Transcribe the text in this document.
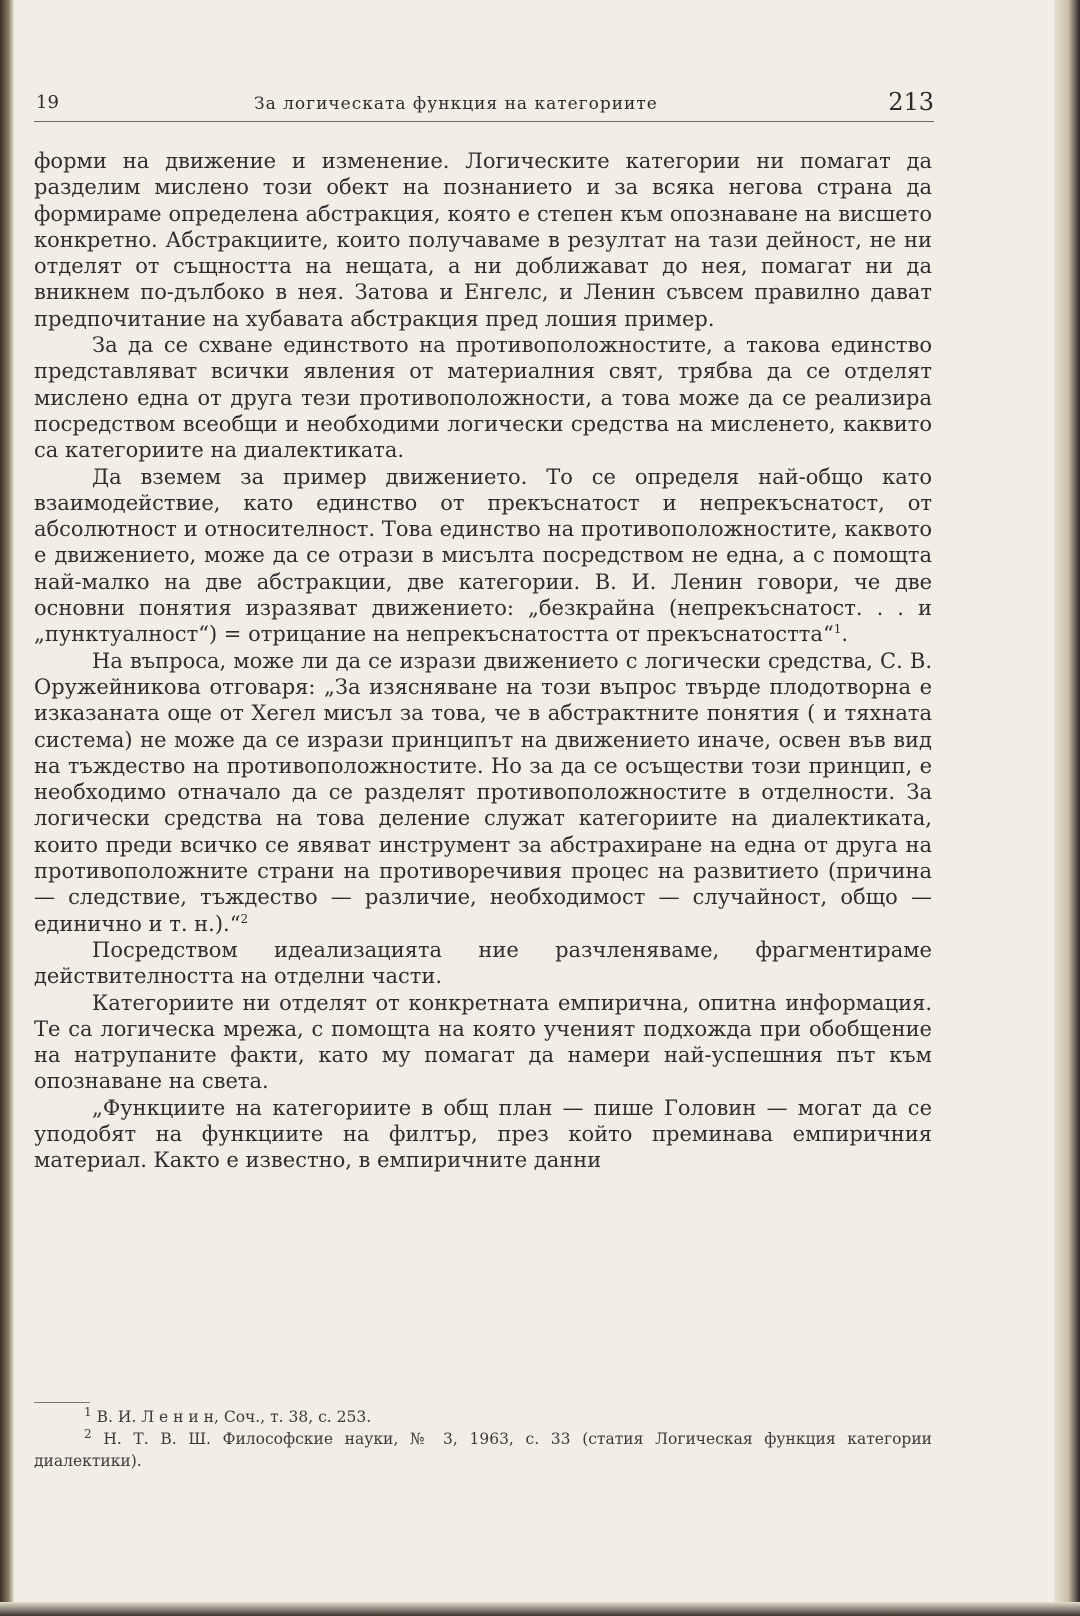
19	За логическата функция на категориите	213

форми на движение и изменение. Логическите категории ни помагат да разделим мислено този обект на познанието и за всяка негова страна да формираме определена абстракция, която е степен към опознаване на висшето конкретно. Абстракциите, които получаваме в резултат на тази дейност, не ни отделят от същността на нещата, а ни доближават до нея, помагат ни да вникнем по-дълбоко в нея. Затова и Енгелс, и Ленин съвсем правилно дават предпочитание на хубавата абстракция пред лошия пример.

За да се схване единството на противоположностите, а такова единство представляват всички явления от материалния свят, трябва да се отделят мислено една от друга тези противоположности, а това може да се реализира посредством всеобщи и необходими логически средства на мисленето, каквито са категориите на диалектиката.

Да вземем за пример движението. То се определя най-общо като взаимодействие, като единство от прекъснатост и непрекъснатост, от абсолютност и относителност. Това единство на противоположностите, каквото е движението, може да се отрази в мисълта посредством не една, а с помощта най-малко на две абстракции, две категории. В. И. Ленин говори, че две основни понятия изразяват движението: „безкрайна (непрекъснатост. . . и „пунктуалност“) = отрицание на непрекъснатостта от прекъснатостта“$^1$.

На въпроса, може ли да се изрази движението с логически средства, С. В. Оружейникова отговаря: „За изясняване на този въпрос твърде плодотворна е изказаната още от Хегел мисъл за това, че в абстрактните понятия ( и тяхната система) не може да се изрази принципът на движението иначе, освен във вид на тъждество на противоположностите. Но за да се осъществи този принцип, е необходимо отначало да се разделят противоположностите в отделности. За логически средства на това деление служат категориите на диалектиката, които преди всичко се явяват инструмент за абстрахиране на една от друга на противоположните страни на противоречивия процес на развитието (причина — следствие, тъждество — различие, необходимост — случайност, общо — единично и т. н.).“$^2$

Посредством идеализацията ние разчленяваме, фрагментираме действителността на отделни части.

Категориите ни отделят от конкретната емпирична, опитна информация. Те са логическа мрежа, с помощта на която ученият подхожда при обобщение на натрупаните факти, като му помагат да намери най-успешния път към опознаване на света.

„Функциите на категориите в общ план — пише Головин — могат да се уподобят на функциите на филтър, през който преминава емпиричния материал. Както е известно, в емпиричните данни

$^1$ В. И. Л е н и н, Соч., т. 38, с. 253.

$^2$ Н. Т. В. Ш. Философские науки, № 3, 1963, с. 33 (статия Логическая функция категории диалектики).
